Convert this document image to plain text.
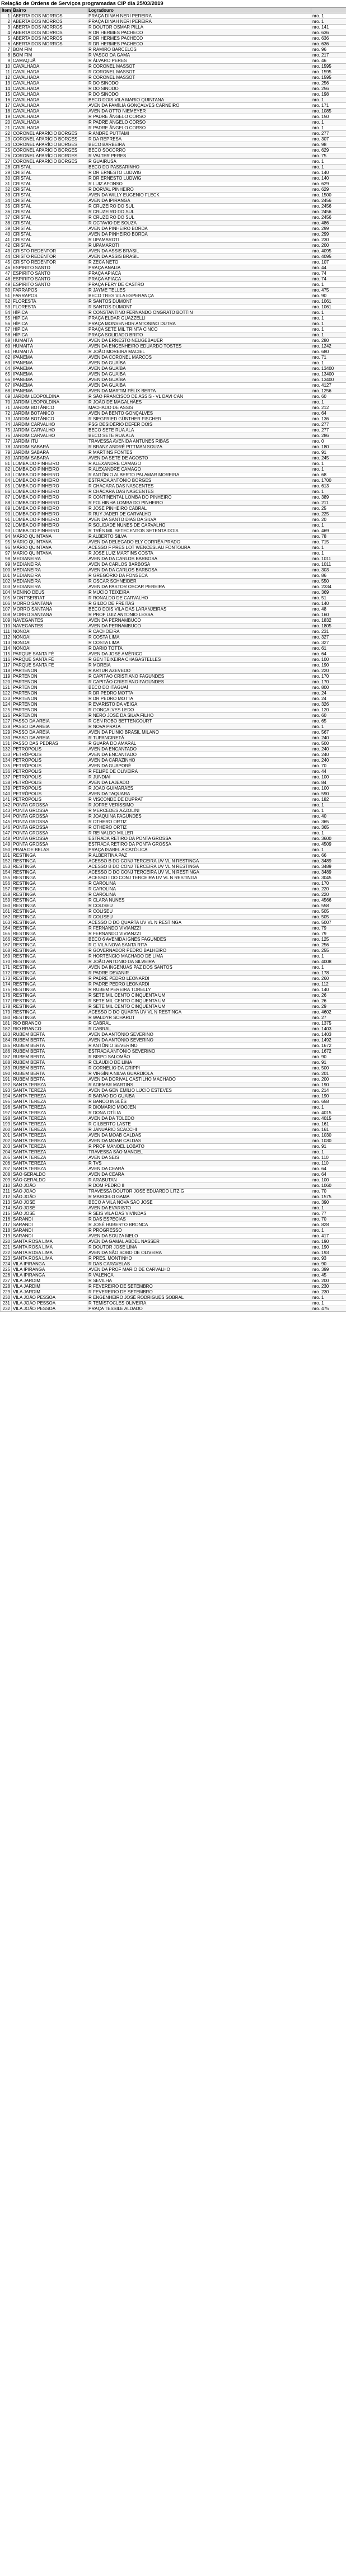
Relação de Ordens de Serviços programadas CIP dia 25/03/2019
Item	Bairro	Logradouro	
1	ABERTA DOS MORROS	PRAÇA DINAH NERI PEREIRA	nro. 1
2	ABERTA DOS MORROS	PRAÇA DINAH NERI PEREIRA	nro. 1
3	ABERTA DOS MORROS	R DOUTOR OSMAR PILLA	nro. 141
4	ABERTA DOS MORROS	R DR HERMES PACHECO	nro. 636
5	ABERTA DOS MORROS	R DR HERMES PACHECO	nro. 636
6	ABERTA DOS MORROS	R DR HERMES PACHECO	nro. 636
7	BOM FIM	R RAMIRO BARCELOS	nro. 96
8	BOM FIM	R VASCO DA GAMA	nro. 217
9	CAMAQUÃ	R ÁLVARO PERES	nro. 46
10	CAVALHADA	R CORONEL MASSOT	nro. 1595
11	CAVALHADA	R CORONEL MASSOT	nro. 1595
12	CAVALHADA	R CORONEL MASSOT	nro. 1595
13	CAVALHADA	R DO SINODO	nro. 256
14	CAVALHADA	R DO SINODO	nro. 256
15	CAVALHADA	R DO SINODO	nro. 198
16	CAVALHADA	BECO DOIS VILA MARIO QUINTANA	nro. 1
17	CAVALHADA	AVENIDA FAMÍLIA GONÇALVES CARNEIRO	nro. 171
18	CAVALHADA	AVENIDA OTTO NIEMEYER	nro. 1085
19	CAVALHADA	R PADRE ÂNGELO CORSO	nro. 150
20	CAVALHADA	R PADRE ÂNGELO CORSO	nro. 1
21	CAVALHADA	R PADRE ÂNGELO CORSO	nro. 1
22	CORONEL APARÍCIO BORGES	R ANDRE PUTTAMI	nro. 277
23	CORONEL APARÍCIO BORGES	R DA REPRESA	nro. 307
24	CORONEL APARÍCIO BORGES	BECO BARBEIRA	nro. 98
25	CORONEL APARÍCIO BORGES	BECO SOCORRO	nro. 629
26	CORONEL APARÍCIO BORGES	R VALTER PERES	nro. 75
27	CORONEL APARÍCIO BORGES	R GUAIRUSA	nro. 1
28	CRISTAL	BECO DO PASSARINHO	nro. 1
29	CRISTAL	R DR ERNESTO LUDWIG	nro. 140
30	CRISTAL	R DR ERNESTO LUDWIG	nro. 140
31	CRISTAL	R LUIZ AFONSO	nro. 629
32	CRISTAL	R DORVAL PINHEIRO	nro. 629
33	CRISTAL	AVENIDA WILLY EUGENIO FLECK	nro. 1500
34	CRISTAL	AVENIDA IPIRANGA	nro. 2456
35	CRISTAL	R CRUZEIRO DO SUL	nro. 2456
36	CRISTAL	R CRUZEIRO DO SUL	nro. 2456
37	CRISTAL	R CRUZEIRO DO SUL	nro. 2456
38	CRISTAL	R OCTAVIO DE SOUZA	nro. 486
39	CRISTAL	AVENIDA PINHEIRO BORDA	nro. 299
40	CRISTAL	AVENIDA PINHEIRO BORDA	nro. 299
41	CRISTAL	R UPAMAROTI	nro. 230
42	CRISTAL	R UPAMAROTI	nro. 200
43	CRISTO REDENTOR	AVENIDA ASSIS BRASIL	nro. 4095
44	CRISTO REDENTOR	AVENIDA ASSIS BRASIL	nro. 4095
45	CRISTO REDENTOR	R ZECA NETO	nro. 107
46	ESPIRITO SANTO	PRAÇA ANALIA	nro. 44
47	ESPIRITO SANTO	PRAÇA APIACA	nro. 74
48	ESPIRITO SANTO	PRAÇA APIACA	nro. 74
49	ESPIRITO SANTO	PRAÇA FERY DE CASTRO	nro. 1
50	FARRAPOS	R JAYME TELLES	nro. 475
51	FARRAPOS	BECO TRES VILA ESPERANÇA	nro. 90
52	FLORESTA	R SANTOS DUMONT	nro. 1061
53	FLORESTA	R SANTOS DUMONT	nro. 1061
54	HÍPICA	R CONSTANTINO FERNANDO ONGRATO BOTTIN	nro. 1
55	HÍPICA	PRAÇA ELDAR GUAZZELLI	nro. 1
56	HÍPICA	PRAÇA MONSENHOR ANTONINO DUTRA	nro. 1
57	HÍPICA	PRAÇA SETE MIL TRINTA CINCO	nro. 1
58	HÍPICA	PRAÇA SOLIDADO BRITO	nro. 1
59	HUMAITÁ	AVENIDA ERNESTO NEUGEBAUER	nro. 280
60	HUMAITÁ	AVENIDA ENGENHEIRO EDUARDO TOSTES	nro. 1242
61	HUMAITÁ	R JOÃO MOREIRA MACIEL	nro. 680
62	IPANEMA	AVENIDA CORONEL MARCOS	nro. 71
63	IPANEMA	AVENIDA GUAÍBA	nro. 1
64	IPANEMA	AVENIDA GUAÍBA	nro. 13400
65	IPANEMA	AVENIDA GUAÍBA	nro. 13400
66	IPANEMA	AVENIDA GUAÍBA	nro. 13400
67	IPANEMA	AVENIDA GUAÍBA	nro. 4127
68	IPANEMA	AVENIDA MARTIM FÉLIX BERTA	nro. 1256
69	JARDIM LEOPOLDINA	R SÃO FRANCISCO DE ASSIS - VL DAVI CAN	nro. 60
70	JARDIM LEOPOLDINA	R JOÃO DE MAGALHÃES	nro. 1
71	JARDIM BOTÂNICO	MACHADO DE ASSIS	nro. 212
72	JARDIM BOTÂNICO	AVENIDA BENTO GONÇALVES	nro. 64
73	JARDIM BOTÂNICO	R SIEGFRIED GÜNTHER FISCHER	nro. 136
74	JARDIM CARVALHO	PSG DESIDÉRIO DEFER DOIS	nro. 277
75	JARDIM CARVALHO	BECO SETE RUA ALA	nro. 277
76	JARDIM CARVALHO	BECO SETE RUA ALA	nro. 286
77	JARDIM ITU	TRAVESSA AVENIDA ANTUNES RIBAS	nro. 0
78	JARDIM SABARÁ	R BRANZ ANDRÉ PITTMAN SOUZA	nro. 180
79	JARDIM SABARÁ	R MARTINS FONTES	nro. 91
80	JARDIM SABARÁ	AVENIDA SETE DE AGOSTO	nro. 245
81	LOMBA DO PINHEIRO	R ALEXANDRE CAMAGO	nro. 1
82	LOMBA DO PINHEIRO	R ALEXANDRE CAMAGO	nro. 1
83	LOMBA DO PINHEIRO	R ANTÔNIO ALBERTO PALAMAR MOREIRA	nro. 68
84	LOMBA DO PINHEIRO	ESTRADA ANTÔNIO BORGES	nro. 1700
85	LOMBA DO PINHEIRO	R CHÁCARA DAS NASCENTES	nro. 613
86	LOMBA DO PINHEIRO	R CHÁCARA DAS NASCENTES	nro. 1
87	LOMBA DO PINHEIRO	R CONTINENTAL LOMBA DO PINHEIRO	nro. 389
88	LOMBA DO PINHEIRO	R FOLHINHA LOMBA DO PINHEIRO	nro. 211
89	LOMBA DO PINHEIRO	R JOSÉ PINHEIRO CABRAL	nro. 25
90	LOMBA DO PINHEIRO	R RUY JADER DE CARVALHO	nro. 225
91	LOMBA DO PINHEIRO	AVENIDA SANTO DIAS DA SILVA	nro. 20
92	LOMBA DO PINHEIRO	R SOLIDADE NUNES DE CARVALHO	nro. 1
93	LOMBA DO PINHEIRO	R TRÊS MIL SETECENTOS SETENTA DOIS	nro. 469
94	MÁRIO QUINTANA	R ALBERTO SILVA	nro. 78
95	MÁRIO QUINTANA	AVENIDA DELEGADO ELY CORRÊA PRADO	nro. 715
96	MÁRIO QUINTANA	ACESSO F PRES LOT WENCESLAU FONTOURA	nro. 1
97	MÁRIO QUINTANA	R JOSÉ LUIZ MARTINS COSTA	nro. 1
98	MEDIANEIRA	AVENIDA DA CARLOS BARBOSA	nro. 1011
99	MEDIANEIRA	AVENIDA CARLOS BARBOSA	nro. 1011
100	MEDIANEIRA	AVENIDA DA CARLOS BARBOSA	nro. 303
101	MEDIANEIRA	R GREGÓRIO DA FONSECA	nro. 86
102	MEDIANEIRA	R OSCAR SCHNEIDER	nro. 550
103	MEDIANEIRA	AVENIDA PASTOR OSCAR PEREIRA	nro. 2334
104	MENINO DEUS	R MÚCIO TEIXEIRA	nro. 369
105	MONT'SERRAT	R RONALDO DE CARVALHO	nro. 51
106	MORRO SANTANA	R GILDO DE FREITAS	nro. 140
107	MORRO SANTANA	BECO DOIS VILA DAS LARANJEIRAS	nro. 48
108	MORRO SANTANA	R PROF LUIZ ANTONIO LESSA	nro. 160
109	NAVEGANTES	AVENIDA PERNAMBUCO	nro. 1832
110	NAVEGANTES	AVENIDA PERNAMBUCO	nro. 1805
111	NONOAI	R CACHOEIRA	nro. 231
112	NONOAI	R COSTA LIMA	nro. 327
113	NONOAI	R COSTA LIMA	nro. 327
114	NONOAI	R DÁRIO TOTTA	nro. 61
115	PARQUE SANTA FÉ	AVENIDA JOSÉ AMÉRICO	nro. 64
116	PARQUE SANTA FÉ	R GEN TEIXEIRA CHAGASTELLES	nro. 100
117	PARQUE SANTA FÉ	R MOREIA	nro. 190
118	PARTENON	R ARTUR AZEVEDO	nro. 220
119	PARTENON	R CAPITÃO CRISTIANO FAGUNDES	nro. 170
120	PARTENON	R CAPITÃO CRISTIANO FAGUNDES	nro. 170
121	PARTENON	BECO DO ITAGUAÍ	nro. 800
122	PARTENON	R DR PEDRO MOTTA	nro. 24
123	PARTENON	R DR PEDRO MOTTA	nro. 24
124	PARTENON	R EVARISTO DA VEIGA	nro. 326
125	PARTENON	R GONÇALVES LEDO	nro. 120
126	PARTENON	R NERO JOSÉ DA SILVA FILHO	nro. 60
127	PASSO DA AREIA	R GEN ROBO BETTENCOURT	nro. 65
128	PASSO DA AREIA	R NOVA PRATA	nro. 1
129	PASSO DA AREIA	AVENIDA PLÍNIO BRASIL MILANO	nro. 567
130	PASSO DA AREIA	R TUPANCIRETÃ	nro. 240
131	PASSO DAS PEDRAS	R GUARÁ DO AMARAL	nro. 500
132	PETRÓPOLIS	AVENIDA ENCANTADO	nro. 240
133	PETRÓPOLIS	AVENIDA ENCANTADO	nro. 240
134	PETRÓPOLIS	AVENIDA CARAZINHO	nro. 240
135	PETRÓPOLIS	AVENIDA GUAPORÉ	nro. 70
136	PETRÓPOLIS	R FELIPE DE OLIVEIRA	nro. 44
137	PETRÓPOLIS	R JUNDIAÍ	nro. 100
138	PETRÓPOLIS	AVENIDA LAJEADO	nro. 84
139	PETRÓPOLIS	R JOÃO GUIMARÃES	nro. 100
140	PETRÓPOLIS	AVENIDA TAQUARA	nro. 590
141	PETRÓPOLIS	R VISCONDE DE DUPRAT	nro. 182
142	PONTA GROSSA	R JOFRE VERÍSSIMO	nro. 1
143	PONTA GROSSA	R MERCEDES AZZOLINI	nro. 1
144	PONTA GROSSA	R JOAQUINA FAGUNDES	nro. 40
145	PONTA GROSSA	R OTHERO ORTIZ	nro. 365
146	PONTA GROSSA	R OTHERO ORTIZ	nro. 365
147	PONTA GROSSA	R REINALDO MILLER	nro. 1
148	PONTA GROSSA	ESTRADA RETIRO DA PONTA GROSSA	nro. 3600
149	PONTA GROSSA	ESTRADA RETIRO DA PONTA GROSSA	nro. 4509
150	PRAIA DE BELAS	PRAÇA ISABEL A CATÓLICA	nro. 1
151	RESTINGA	R ALBERTINA PAZ	nro. 66
152	RESTINGA	ACESSO B DO CONJ TERCEIRA UV VL N RESTINGA	nro. 3489
153	RESTINGA	ACESSO B DO CONJ TERCEIRA UV VL N RESTINGA	nro. 3489
154	RESTINGA	ACESSO D DO CONJ TERCEIRA UV VL N RESTINGA	nro. 3489
155	RESTINGA	ACESSO I DO CONJ TERCEIRA UV VL N RESTINGA	nro. 3045
156	RESTINGA	R CAROLINA	nro. 170
157	RESTINGA	R CAROLINA	nro. 220
158	RESTINGA	R CAROLINA	nro. 220
159	RESTINGA	R CLARA NUNES	nro. 4566
160	RESTINGA	R COLISEU	nro. 558
161	RESTINGA	R COLISEU	nro. 505
162	RESTINGA	R COLISEU	nro. 505
163	RESTINGA	ACESSO D DO QUARTA UV VL N RESTINGA	nro. 5007
164	RESTINGA	R FERNANDO VIVIANZZI	nro. 79
165	RESTINGA	R FERNANDO VIVIANZZI	nro. 79
166	RESTINGA	BECO 6 AVENIDA IGNÊS FAGUNDES	nro. 125
167	RESTINGA	R G VILA NOVA SANTA RITA	nro. 256
168	RESTINGA	R GOVERNADOR PEDRO BALHEIRO	nro. 255
169	RESTINGA	R HORTÊNCIO MACHADO DE LIMA	nro. 1
170	RESTINGA	R JOÃO ANTONIO DA SILVEIRA	nro. 4008
171	RESTINGA	AVENIDA INGÊNUAS PAZ DOS SANTOS	nro. 1
172	RESTINGA	R PADRE DEVANIR	nro. 178
173	RESTINGA	R PADRE PEDRO LEONARDI	nro. 260
174	RESTINGA	R PADRE PEDRO LEONARDI	nro. 112
175	RESTINGA	R RUBEM PEREIRA TORELLY	nro. 140
176	RESTINGA	R SETE MIL CENTO CINQUENTA UM	nro. 26
177	RESTINGA	R SETE MIL CENTO CINQUENTA UM	nro. 26
178	RESTINGA	R SETE MIL CENTO CINQUENTA UM	nro. 29
179	RESTINGA	ACESSO D DO QUARTA UV VL N RESTINGA	nro. 4602
180	RESTINGA	R WALDYR SCHARDT	nro. 27
181	RIO BRANCO	R CABRAL	nro. 1375
182	RIO BRANCO	R CABRAL	nro. 1403
183	RUBEM BERTA	AVENIDA ANTÔNIO SEVERINO	nro. 1403
184	RUBEM BERTA	AVENIDA ANTÔNIO SEVERINO	nro. 1492
185	RUBEM BERTA	R ANTÔNIO SEVERINO	nro. 1672
186	RUBEM BERTA	ESTRADA ANTÔNIO SEVERINO	nro. 1672
187	RUBEM BERTA	R BISPO SALOMÃO	nro. 90
188	RUBEM BERTA	R CLÁUDIO DE LIMA	nro. 91
189	RUBEM BERTA	R CORNÉLIO DA GRIPPI	nro. 500
190	RUBEM BERTA	R VIRGÍNIA NILVA GUARDIOLA	nro. 201
191	RUBEM BERTA	AVENIDA DORIVAL CASTILHO MACHADO	nro. 200
192	SANTA TEREZA	R ADEMAR MARTINS	nro. 190
193	SANTA TEREZA	AVENIDA GEN EMÍLIO LÚCIO ESTEVES	nro. 214
194	SANTA TEREZA	R BARÃO DO GUAÍBA	nro. 190
195	SANTA TEREZA	R BANCO INGLÊS	nro. 658
196	SANTA TEREZA	R DIOMÁRIO MOOJEN	nro. 1
197	SANTA TEREZA	R DONA OTÍLIA	nro. 4015
198	SANTA TEREZA	AVENIDA DA TOLEDO	nro. 4015
199	SANTA TEREZA	R GILBERTO LASTE	nro. 161
200	SANTA TEREZA	R JANUÁRIO SCACCHI	nro. 161
201	SANTA TEREZA	AVENIDA MOAB CALDAS	nro. 1030
202	SANTA TEREZA	AVENIDA MOAB CALDAS	nro. 1030
203	SANTA TEREZA	R PROF MANOEL LOBATO	nro. 91
204	SANTA TEREZA	TRAVESSA SÃO MANOEL	nro. 1
205	SANTA TEREZA	AVENIDA SEIS	nro. 110
206	SANTA TEREZA	R TVS	nro. 110
207	SANTA TEREZA	AVENIDA CEARÁ	nro. 64
208	SÃO GERALDO	AVENIDA CEARÁ	nro. 64
209	SÃO GERALDO	R ARABUTAN	nro. 100
210	SÃO JOÃO	R DOM PEDRO II	nro. 1060
211	SÃO JOÃO	TRAVESSA DOUTOR JOSÉ EDUARDO LITZIG	nro. 70
212	SÃO JOÃO	R MARCELO GAMA	nro. 1575
213	SÃO JOSÉ	BECO A VILA NOVA SÃO JOSÉ	nro. 390
214	SÃO JOSÉ	AVENIDA EVARISTO	nro. 1
215	SÃO JOSÉ	R SEIS VILA DAS VIVINDAS	nro. 77
216	SARANDI	R DAS ESPÉCIAS	nro. 70
217	SARANDI	R JOSÉ HUBERTO BRONCA	nro. 828
218	SARANDI	R PROGRESSO	nro. 1
219	SARANDI	AVENIDA SOUZA MELO	nro. 417
220	SANTA ROSA LIMA	AVENIDA GAMAL ABDEL NASSER	nro. 190
221	SANTA ROSA LIMA	R DOUTOR JOSÉ LIMA	nro. 190
222	SANTA ROSA LIMA	AVENIDA SÃO SOBO DE OLIVEIRA	nro. 193
223	SANTA ROSA LIMA	R PRES. MONTINHO	nro. 93
224	VILA IPIRANGA	R DAS CARAVELAS	nro. 90
225	VILA IPIRANGA	AVENIDA PROF MARIO DE CARVALHO	nro. 399
226	VILA IPIRANGA	R VALENÇA	nro. 45
227	VILA JARDIM	R SEVILHA	nro. 200
228	VILA JARDIM	R FEVEREIRO DE SETEMBRO	nro. 230
229	VILA JARDIM	R FEVEREIRO DE SETEMBRO	nro. 230
230	VILA JOÃO PESSOA	R ENGENHEIRO JOSÉ RODRIGUES SOBRAL	nro. 1
231	VILA JOÃO PESSOA	R TEMÍSTOCLES OLIVEIRA	nro. 1
232	VILA JOÃO PESSOA	PRAÇA TESSILE ALDADO	nro. 475
